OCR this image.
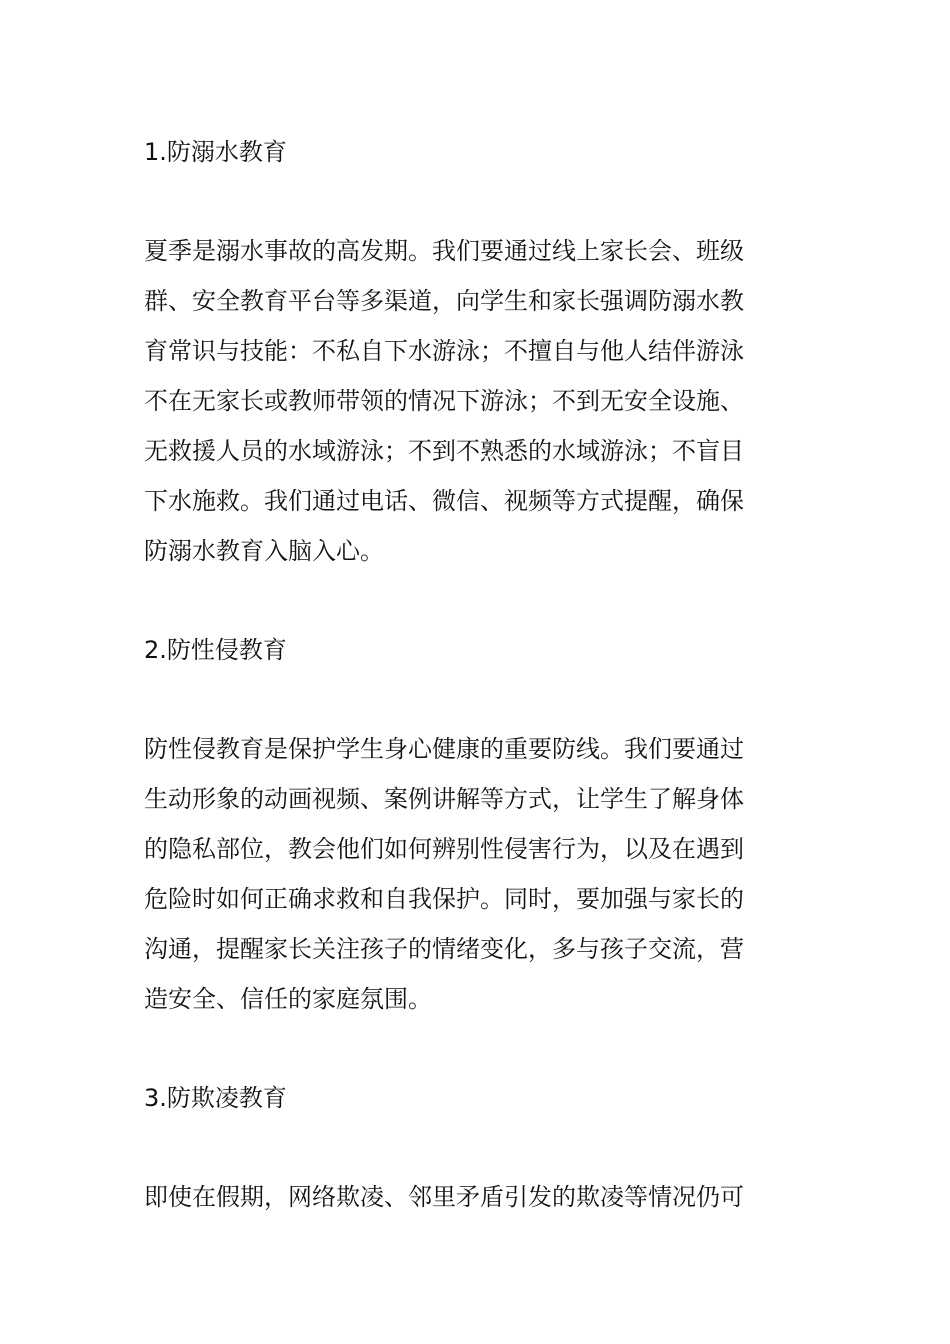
1.防溺水教育

夏季是溺水事故的高发期。我们要通过线上家长会、班级
群、安全教育平台等多渠道，向学生和家长强调防溺水教
育常识与技能：不私自下水游泳；不擅自与他人结伴游泳
不在无家长或教师带领的情况下游泳；不到无安全设施、
无救援人员的水域游泳；不到不熟悉的水域游泳；不盲目
下水施救。我们通过电话、微信、视频等方式提醒，确保
防溺水教育入脑入心。

2.防性侵教育

防性侵教育是保护学生身心健康的重要防线。我们要通过
生动形象的动画视频、案例讲解等方式，让学生了解身体
的隐私部位，教会他们如何辨别性侵害行为，以及在遇到
危险时如何正确求救和自我保护。同时，要加强与家长的
沟通，提醒家长关注孩子的情绪变化，多与孩子交流，营
造安全、信任的家庭氛围。

3.防欺凌教育

即使在假期，网络欺凌、邻里矛盾引发的欺凌等情况仍可
